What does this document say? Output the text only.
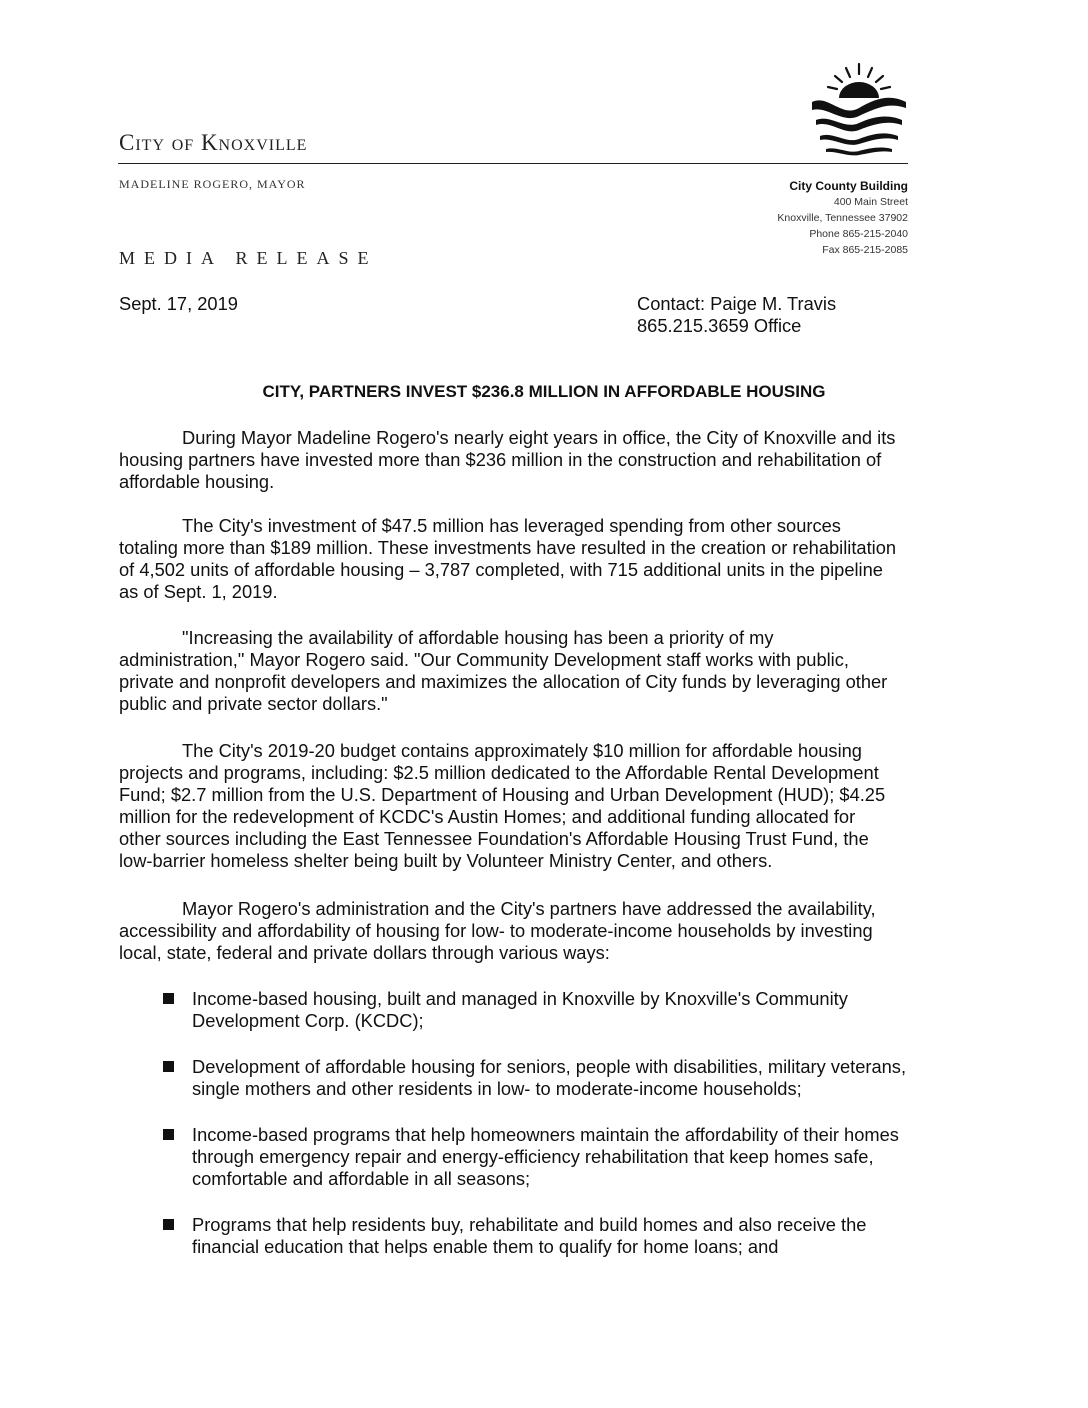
City of Knoxville
MADELINE ROGERO, MAYOR	City County Building
400 Main Street
Knoxville, Tennessee 37902
Phone 865-215-2040
Fax 865-215-2085
MEDIA RELEASE
Sept. 17, 2019	Contact: Paige M. Travis
865.215.3659 Office
CITY, PARTNERS INVEST $236.8 MILLION IN AFFORDABLE HOUSING

During Mayor Madeline Rogero's nearly eight years in office, the City of Knoxville and its
housing partners have invested more than $236 million in the construction and rehabilitation of
affordable housing.

The City's investment of $47.5 million has leveraged spending from other sources
totaling more than $189 million. These investments have resulted in the creation or rehabilitation
of 4,502 units of affordable housing – 3,787 completed, with 715 additional units in the pipeline
as of Sept. 1, 2019.

"Increasing the availability of affordable housing has been a priority of my
administration," Mayor Rogero said. "Our Community Development staff works with public,
private and nonprofit developers and maximizes the allocation of City funds by leveraging other
public and private sector dollars."

The City's 2019-20 budget contains approximately $10 million for affordable housing
projects and programs, including: $2.5 million dedicated to the Affordable Rental Development
Fund; $2.7 million from the U.S. Department of Housing and Urban Development (HUD); $4.25
million for the redevelopment of KCDC's Austin Homes; and additional funding allocated for
other sources including the East Tennessee Foundation's Affordable Housing Trust Fund, the
low-barrier homeless shelter being built by Volunteer Ministry Center, and others.

Mayor Rogero's administration and the City's partners have addressed the availability,
accessibility and affordability of housing for low- to moderate-income households by investing
local, state, federal and private dollars through various ways:

Income-based housing, built and managed in Knoxville by Knoxville's Community
Development Corp. (KCDC);
Development of affordable housing for seniors, people with disabilities, military veterans,
single mothers and other residents in low- to moderate-income households;
Income-based programs that help homeowners maintain the affordability of their homes
through emergency repair and energy-efficiency rehabilitation that keep homes safe,
comfortable and affordable in all seasons;
Programs that help residents buy, rehabilitate and build homes and also receive the
financial education that helps enable them to qualify for home loans; and
